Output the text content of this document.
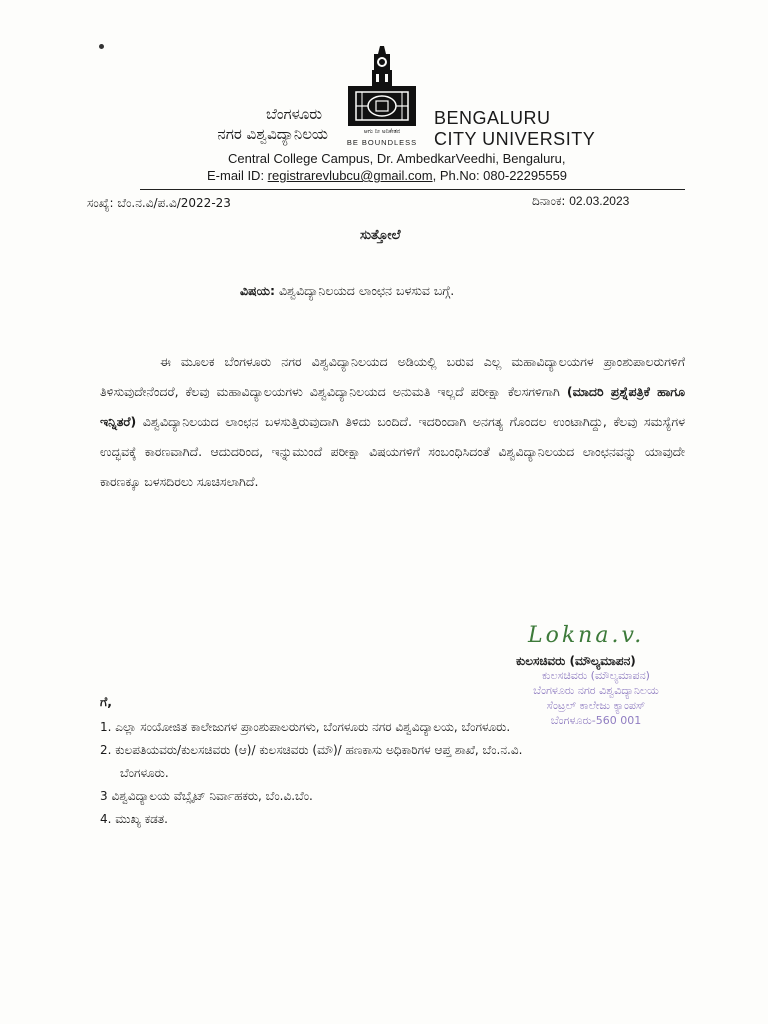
ಬೆಂಗಳೂರು
ನಗರ ವಿಶ್ವವಿದ್ಯಾನಿಲಯ	ಆಗು ನೀ ಅನಿಕೇತನ
BE BOUNDLESS
BENGALURU
CITY UNIVERSITY
Central College Campus, Dr. AmbedkarVeedhi, Bengaluru,
E-mail ID: registrarevlubcu@gmail.com, Ph.No: 080-22295559
ಸಂಖ್ಯೆ: ಬೆಂ.ನ.ವಿ/ಪ.ವಿ/2022-23	ದಿನಾಂಕ: 02.03.2023
ಸುತ್ತೋಲೆ
ವಿಷಯ: ವಿಶ್ವವಿದ್ಯಾನಿಲಯದ ಲಾಂಛನ ಬಳಸುವ ಬಗ್ಗೆ.

ಈ ಮೂಲಕ ಬೆಂಗಳೂರು ನಗರ ವಿಶ್ವವಿದ್ಯಾನಿಲಯದ ಅಡಿಯಲ್ಲಿ ಬರುವ ಎಲ್ಲ ಮಹಾವಿದ್ಯಾಲಯಗಳ ಪ್ರಾಂಶುಪಾಲರುಗಳಿಗೆ ತಿಳಿಸುವುದೇನೆಂದರೆ, ಕೆಲವು ಮಹಾವಿದ್ಯಾಲಯಗಳು ವಿಶ್ವವಿದ್ಯಾನಿಲಯದ ಅನುಮತಿ ಇಲ್ಲದೆ ಪರೀಕ್ಷಾ ಕೆಲಸಗಳಿಗಾಗಿ (ಮಾದರಿ ಪ್ರಶ್ನೆಪತ್ರಿಕೆ ಹಾಗೂ ಇನ್ನಿತರೆ) ವಿಶ್ವವಿದ್ಯಾನಿಲಯದ ಲಾಂಛನ ಬಳಸುತ್ತಿರುವುದಾಗಿ ತಿಳಿದು ಬಂದಿದೆ. ಇದರಿಂದಾಗಿ ಅನಗತ್ಯ ಗೊಂದಲ ಉಂಟಾಗಿದ್ದು, ಕೆಲವು ಸಮಸ್ಯೆಗಳ ಉದ್ಭವಕ್ಕೆ ಕಾರಣವಾಗಿದೆ. ಆದುದರಿಂದ, ಇನ್ನುಮುಂದೆ ಪರೀಕ್ಷಾ ವಿಷಯಗಳಿಗೆ ಸಂಬಂಧಿಸಿದಂತೆ ವಿಶ್ವವಿದ್ಯಾನಿಲಯದ ಲಾಂಛನವನ್ನು ಯಾವುದೇ ಕಾರಣಕ್ಕೂ ಬಳಸದಿರಲು ಸೂಚಿಸಲಾಗಿದೆ.

Lokna.v.
ಕುಲಸಚಿವರು (ಮೌಲ್ಯಮಾಪನ)
ಕುಲಸಚಿವರು (ಮೌಲ್ಯಮಾಪನ)
ಬೆಂಗಳೂರು ನಗರ ವಿಶ್ವವಿದ್ಯಾನಿಲಯ
ಸೆಂಟ್ರಲ್ ಕಾಲೇಜು ಕ್ಯಾಂಪಸ್
ಬೆಂಗಳೂರು-560 001
ಗೆ,
1. ಎಲ್ಲಾ ಸಂಯೋಜಿತ ಕಾಲೇಜುಗಳ ಪ್ರಾಂಶುಪಾಲರುಗಳು, ಬೆಂಗಳೂರು ನಗರ ವಿಶ್ವವಿದ್ಯಾಲಯ, ಬೆಂಗಳೂರು.
2. ಕುಲಪತಿಯವರು/ಕುಲಸಚಿವರು (ಆ)/ ಕುಲಸಚಿವರು (ಮೌ)/ ಹಣಕಾಸು ಅಧಿಕಾರಿಗಳ ಆಪ್ತ ಶಾಖೆ, ಬೆಂ.ನ.ವಿ.
ಬೆಂಗಳೂರು.
3 ವಿಶ್ವವಿದ್ಯಾಲಯ ವೆಬ್ಸೈಟ್ ನಿರ್ವಾಹಕರು, ಬೆಂ.ವಿ.ಬೆಂ.
4. ಮುಖ್ಯ ಕಡತ.
